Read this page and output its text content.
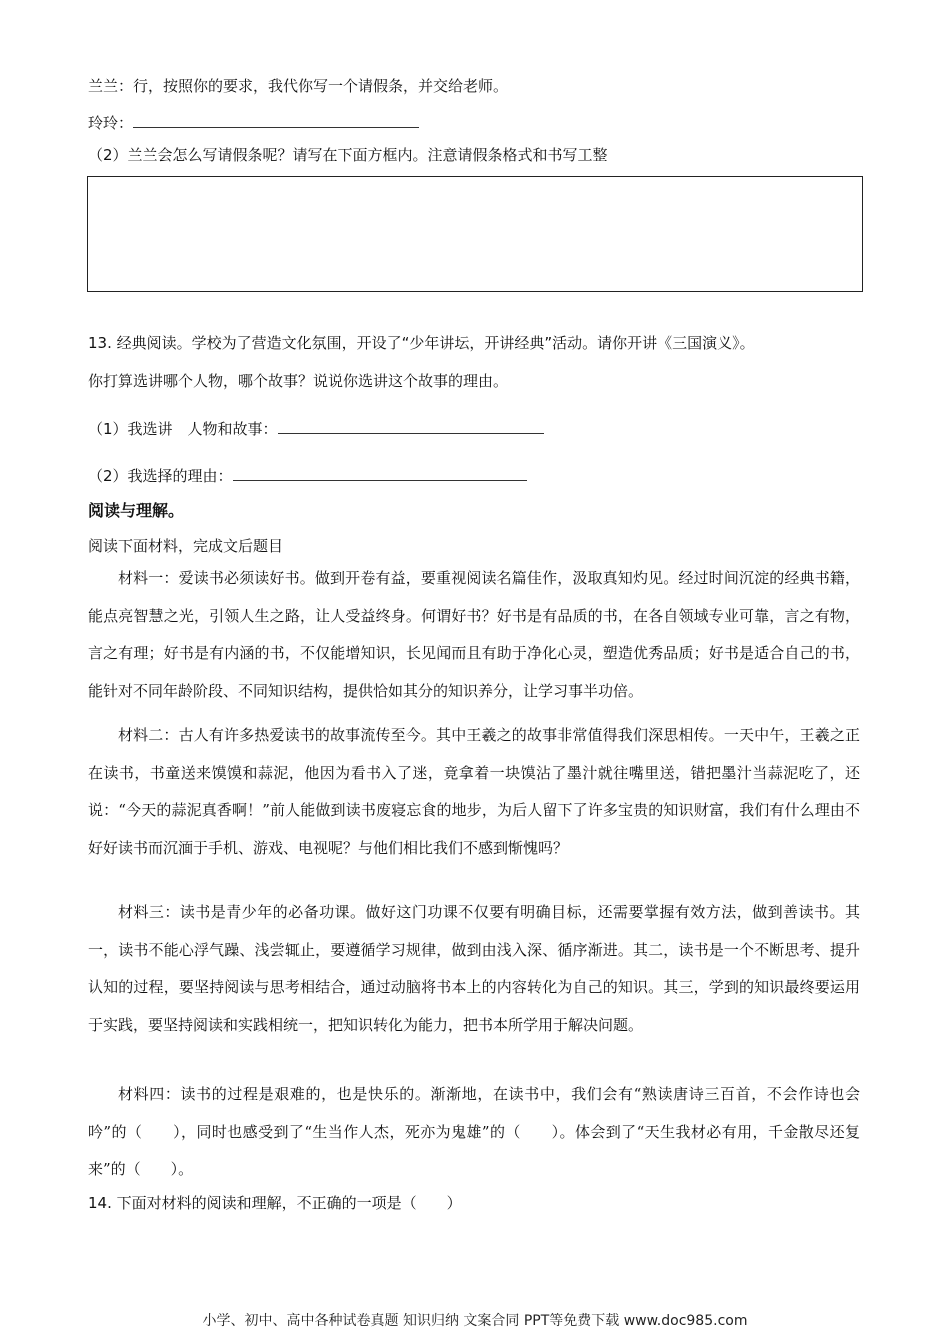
兰兰：行，按照你的要求，我代你写一个请假条，并交给老师。
玲玲：
（2）兰兰会怎么写请假条呢？请写在下面方框内。注意请假条格式和书写工整
13. 经典阅读。学校为了营造文化氛围，开设了“少年讲坛，开讲经典”活动。请你开讲《三国演义》。
你打算选讲哪个人物，哪个故事？说说你选讲这个故事的理由。
（1）我选讲　人物和故事：
（2）我选择的理由：
阅读与理解。
阅读下面材料，完成文后题目
材料一：爱读书必须读好书。做到开卷有益，要重视阅读名篇佳作，汲取真知灼见。经过时间沉淀的经典书籍，能点亮智慧之光，引领人生之路，让人受益终身。何谓好书？好书是有品质的书，在各自领域专业可靠，言之有物，言之有理；好书是有内涵的书，不仅能增知识，长见闻而且有助于净化心灵，塑造优秀品质；好书是适合自己的书，能针对不同年龄阶段、不同知识结构，提供恰如其分的知识养分，让学习事半功倍。
材料二：古人有许多热爱读书的故事流传至今。其中王羲之的故事非常值得我们深思相传。一天中午，王羲之正在读书，书童送来馍馍和蒜泥，他因为看书入了迷，竟拿着一块馍沾了墨汁就往嘴里送，错把墨汁当蒜泥吃了，还说：“今天的蒜泥真香啊！”前人能做到读书废寝忘食的地步，为后人留下了许多宝贵的知识财富，我们有什么理由不好好读书而沉湎于手机、游戏、电视呢？与他们相比我们不感到惭愧吗？
材料三：读书是青少年的必备功课。做好这门功课不仅要有明确目标，还需要掌握有效方法，做到善读书。其一，读书不能心浮气躁、浅尝辄止，要遵循学习规律，做到由浅入深、循序渐进。其二，读书是一个不断思考、提升认知的过程，要坚持阅读与思考相结合，通过动脑将书本上的内容转化为自己的知识。其三，学到的知识最终要运用于实践，要坚持阅读和实践相统一，把知识转化为能力，把书本所学用于解决问题。
材料四：读书的过程是艰难的，也是快乐的。渐渐地，在读书中，我们会有“熟读唐诗三百首，不会作诗也会吟”的（　　），同时也感受到了“生当作人杰，死亦为鬼雄”的（　　）。体会到了“天生我材必有用，千金散尽还复来”的（　　）。
14. 下面对材料的阅读和理解，不正确的一项是（　　）
小学、初中、高中各种试卷真题 知识归纳 文案合同 PPT等免费下载 www.doc985.com
